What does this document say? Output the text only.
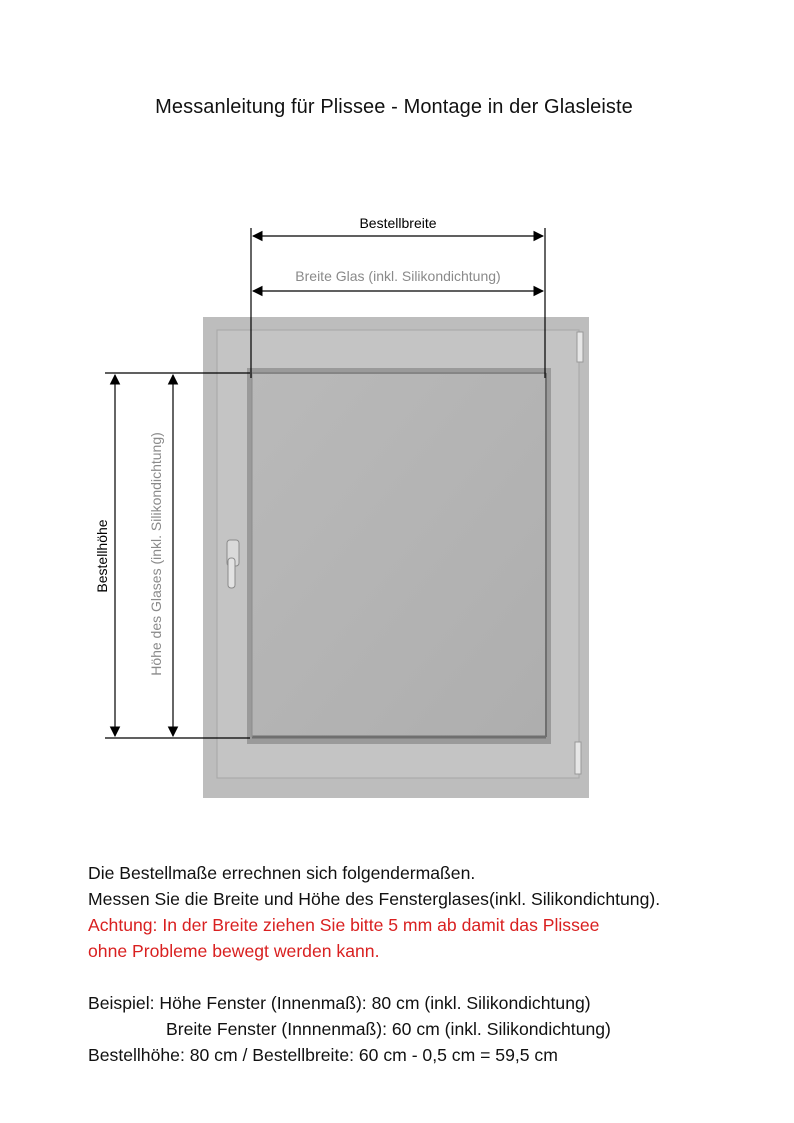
Messanleitung für Plissee - Montage in der Glasleiste
Bestellbreite
Breite Glas (inkl. Silikondichtung)
Bestellhöhe	Höhe des Glases (inkl. Silikondichtung)
Die Bestellmaße errechnen sich folgendermaßen.
Messen Sie die Breite und Höhe des Fensterglases(inkl. Silikondichtung).
Achtung: In der Breite ziehen Sie bitte 5 mm ab damit das Plissee
ohne Probleme bewegt werden kann.
Beispiel: Höhe Fenster (Innenmaß): 80 cm (inkl. Silikondichtung)
Breite Fenster (Innnenmaß): 60 cm (inkl. Silikondichtung)
Bestellhöhe: 80 cm / Bestellbreite: 60 cm - 0,5 cm = 59,5 cm
